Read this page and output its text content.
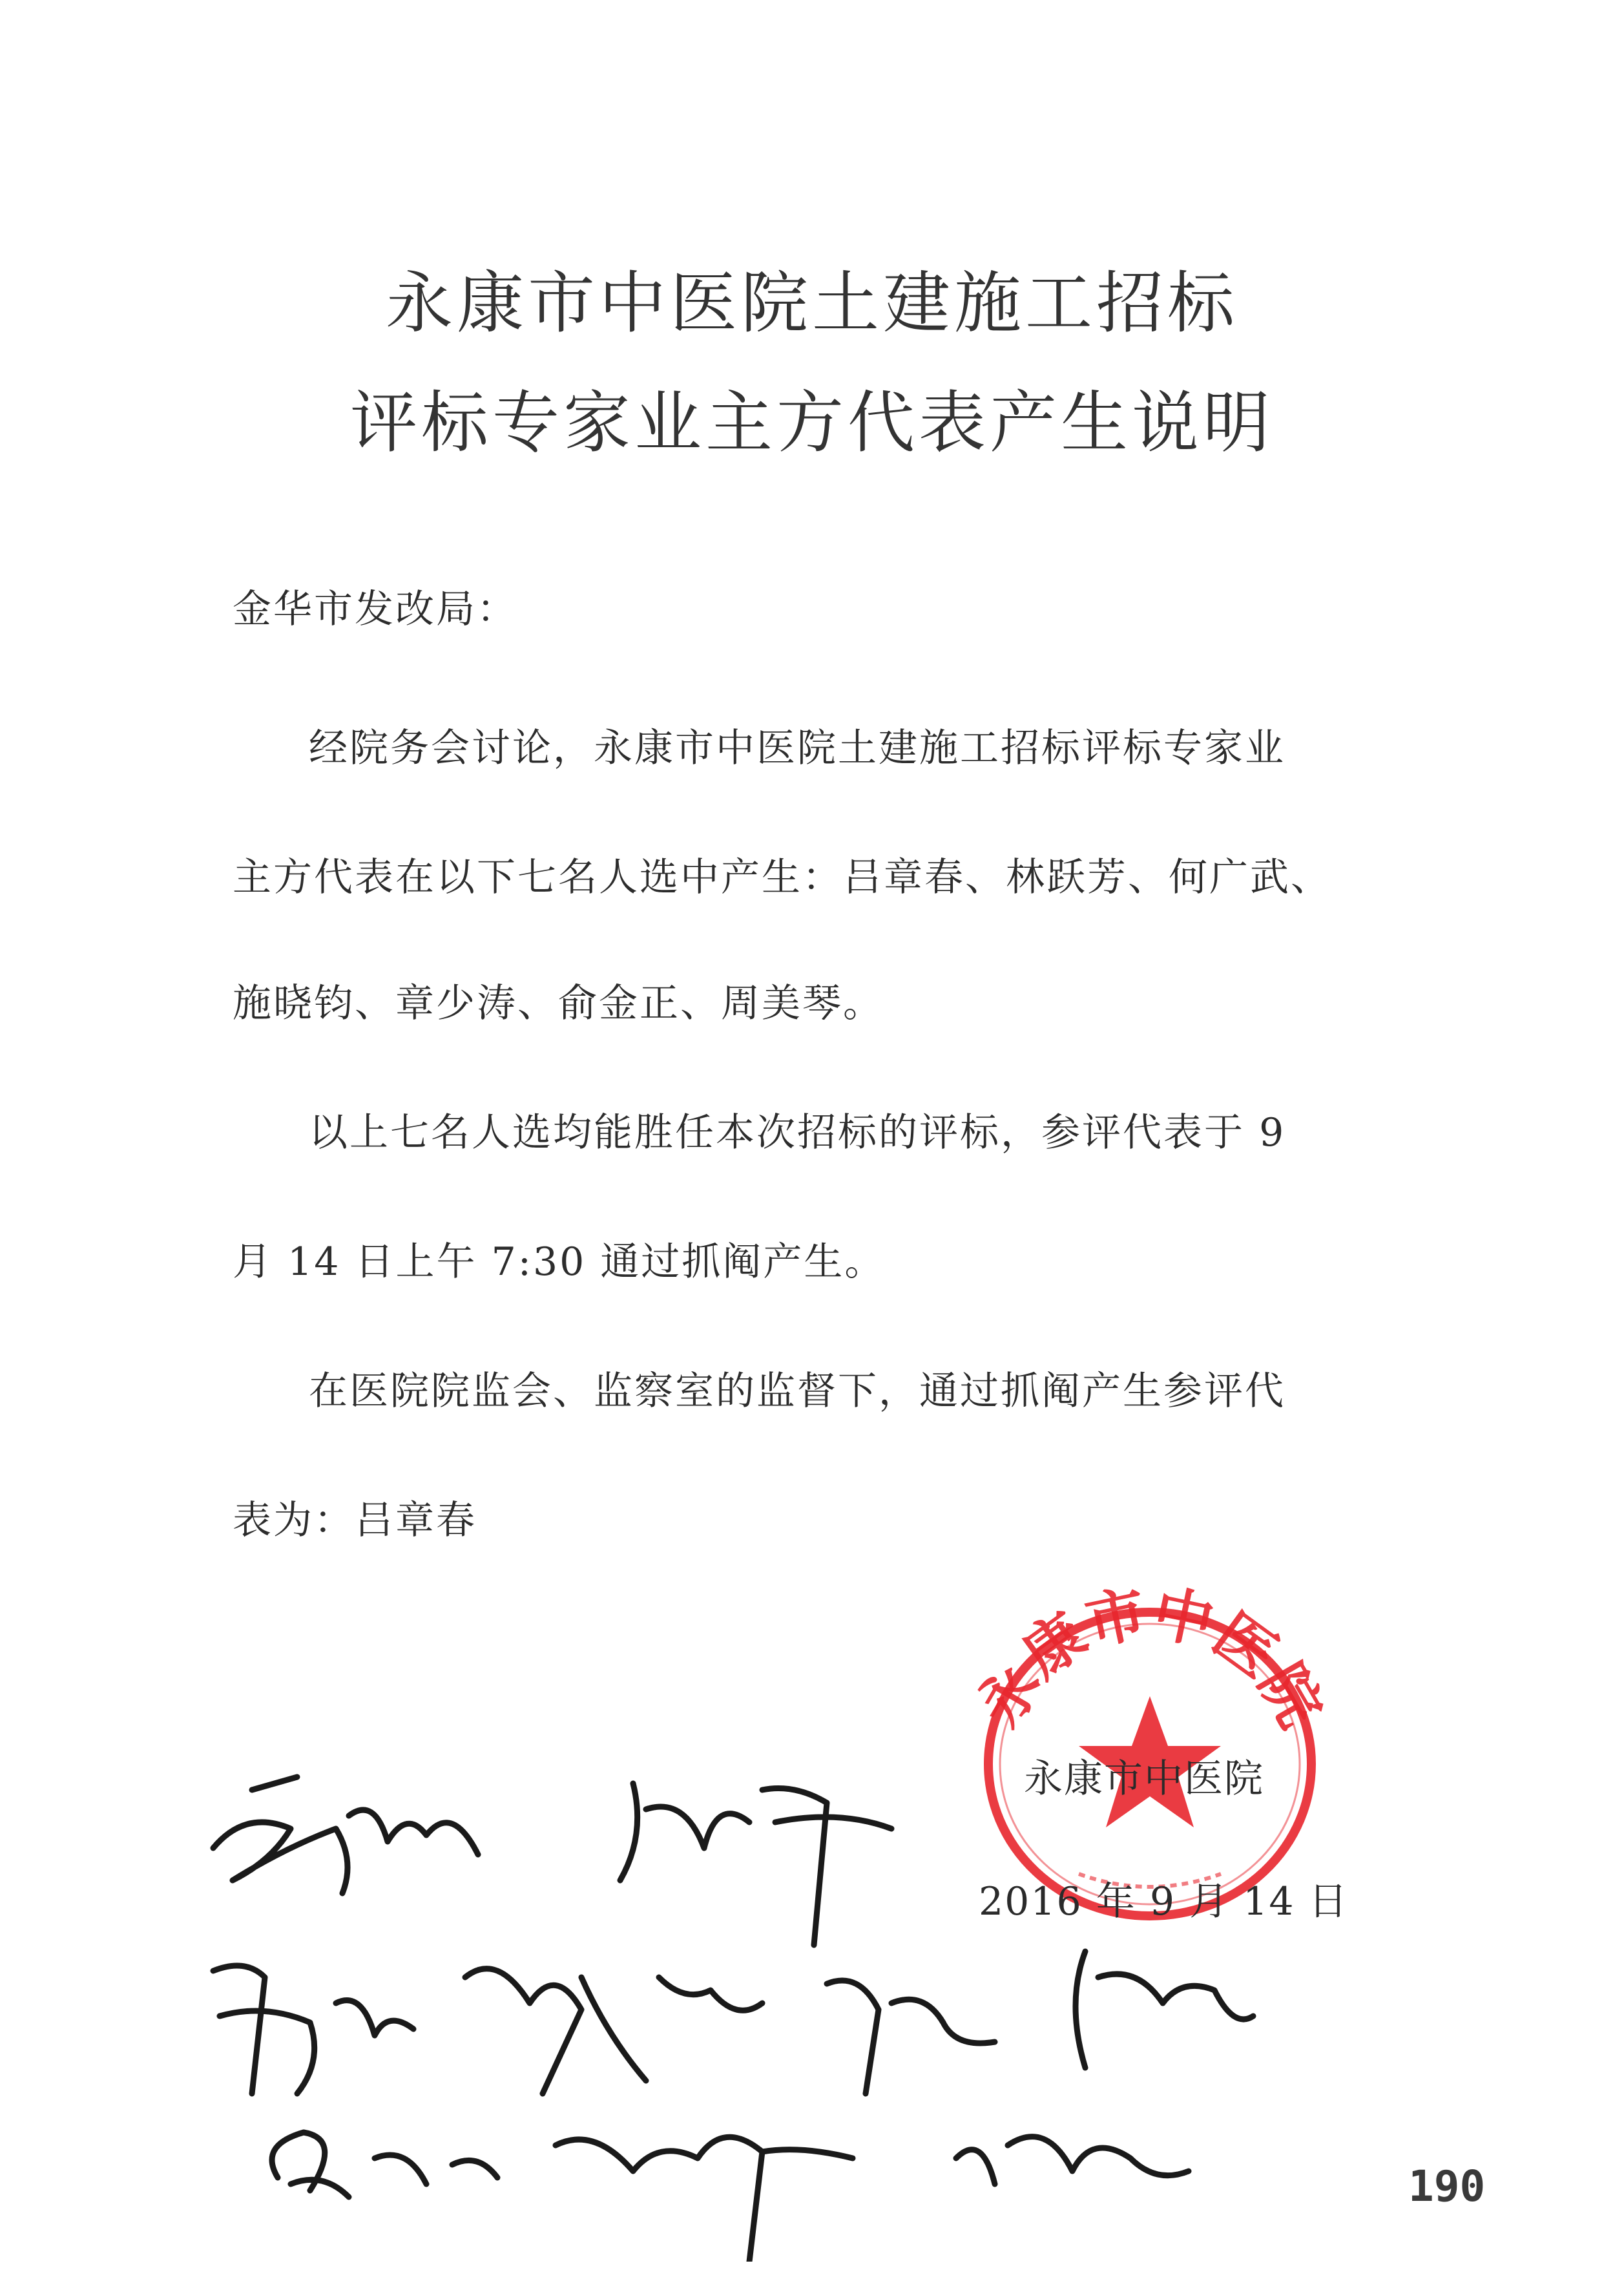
永康市中医院土建施工招标
评标专家业主方代表产生说明
金华市发改局：
经院务会讨论，永康市中医院土建施工招标评标专家业
主方代表在以下七名人选中产生：吕章春、林跃芳、何广武、
施晓钧、章少涛、俞金正、周美琴。
以上七名人选均能胜任本次招标的评标，参评代表于 9
月 14 日上午 7:30 通过抓阄产生。
在医院院监会、监察室的监督下，通过抓阄产生参评代
表为：吕章春
永康市中医院
永康市中医院
2016 年 9 月 14 日
190
